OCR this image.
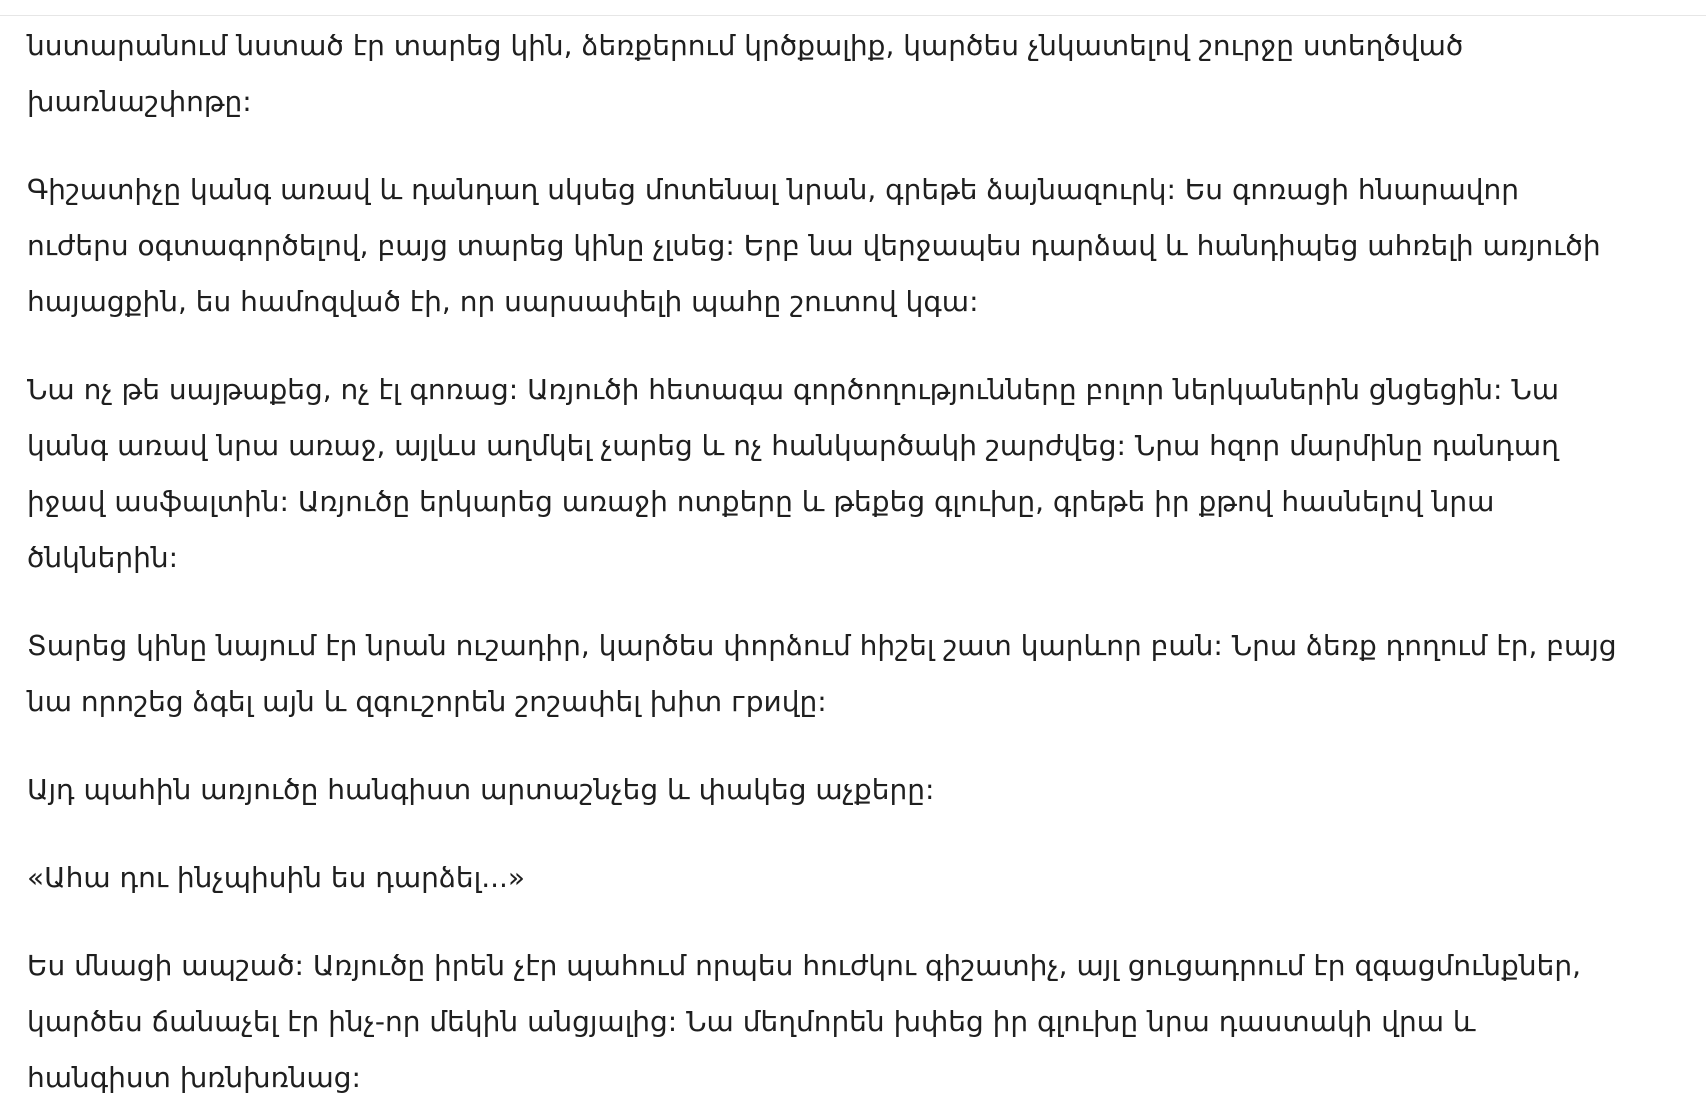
նստարանում նստած էր տարեց կին, ձեռքերում կրծքալիք, կարծես չնկատելով շուրջը ստեղծված խառնաշփոթը:

Գիշատիչը կանգ առավ և դանդաղ սկսեց մոտենալ նրան, գրեթե ձայնազուրկ: Ես գոռացի հնարավոր ուժերս օգտագործելով, բայց տարեց կինը չլսեց: Երբ նա վերջապես դարձավ և հանդիպեց ահռելի առյուծի հայացքին, ես համոզված էի, որ սարսափելի պահը շուտով կգա:

Նա ոչ թե սայթաքեց, ոչ էլ գոռաց: Առյուծի հետագա գործողությունները բոլոր ներկաներին ցնցեցին: Նա կանգ առավ նրա առաջ, այլևս աղմկել չարեց և ոչ հանկարծակի շարժվեց: Նրա հզոր մարմինը դանդաղ իջավ ասֆալտին: Առյուծը երկարեց առաջի ոտքերը և թեքեց գլուխը, գրեթե իր քթով հասնելով նրա ծնկներին:

Տարեց կինը նայում էր նրան ուշադիր, կարծես փորձում հիշել շատ կարևոր բան: Նրա ձեռք դողում էր, բայց նա որոշեց ձգել այն և զգուշորեն շոշափել խիտ гриվը:

Այդ պահին առյուծը հանգիստ արտաշնչեց և փակեց աչքերը:

«Ահա դու ինչպիսին ես դարձել...»

Ես մնացի ապշած: Առյուծը իրեն չէր պահում որպես հուժկու գիշատիչ, այլ ցուցադրում էր զգացմունքներ, կարծես ճանաչել էր ինչ-որ մեկին անցյալից: Նա մեղմորեն խփեց իր գլուխը նրա դաստակի վրա և հանգիստ խռնխռնաց:
